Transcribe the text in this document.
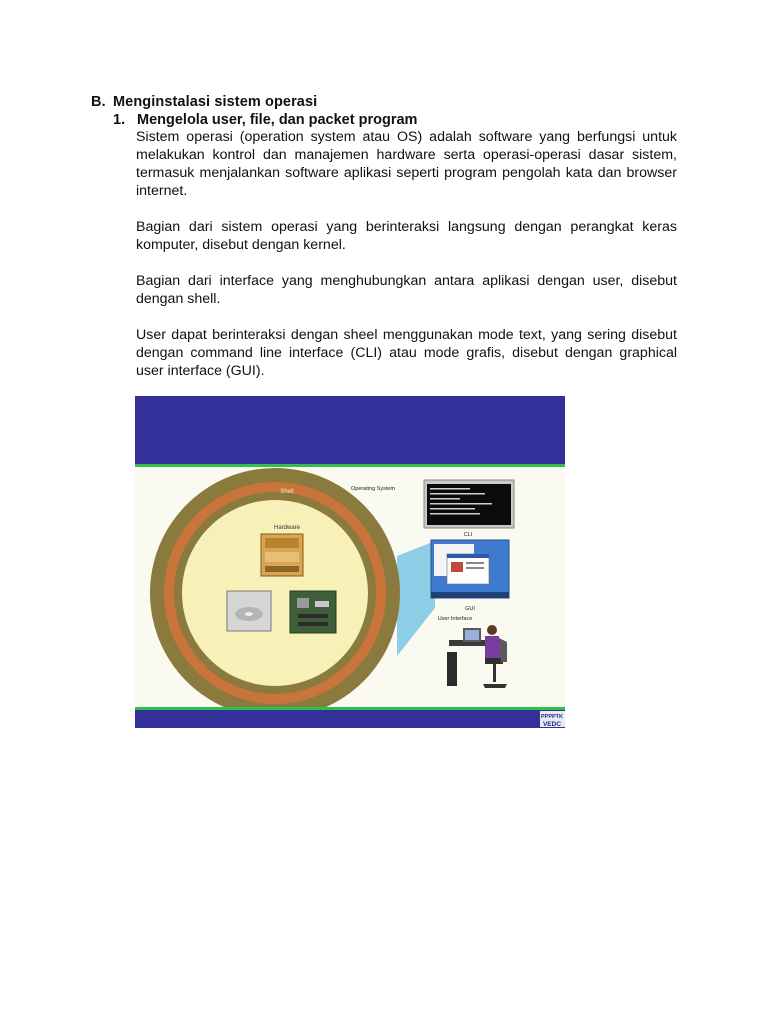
B. Menginstalasi sistem operasi
1. Mengelola user, file, dan packet program

Sistem operasi (operation system atau OS) adalah software yang berfungsi untuk melakukan kontrol dan manajemen hardware serta operasi-operasi dasar sistem, termasuk menjalankan software aplikasi seperti program pengolah kata dan browser internet.

Bagian dari sistem operasi yang berinteraksi langsung dengan perangkat keras komputer, disebut dengan kernel.

Bagian dari interface yang menghubungkan antara aplikasi dengan user, disebut dengan shell.

User dapat berinteraksi dengan sheel menggunakan mode text, yang sering disebut dengan command line interface (CLI) atau mode grafis, disebut dengan graphical user interface (GUI).

Shell
Kernel
Hardware
Operating System
CLI
GUI
User Interface
PPPPTK
VEDC
